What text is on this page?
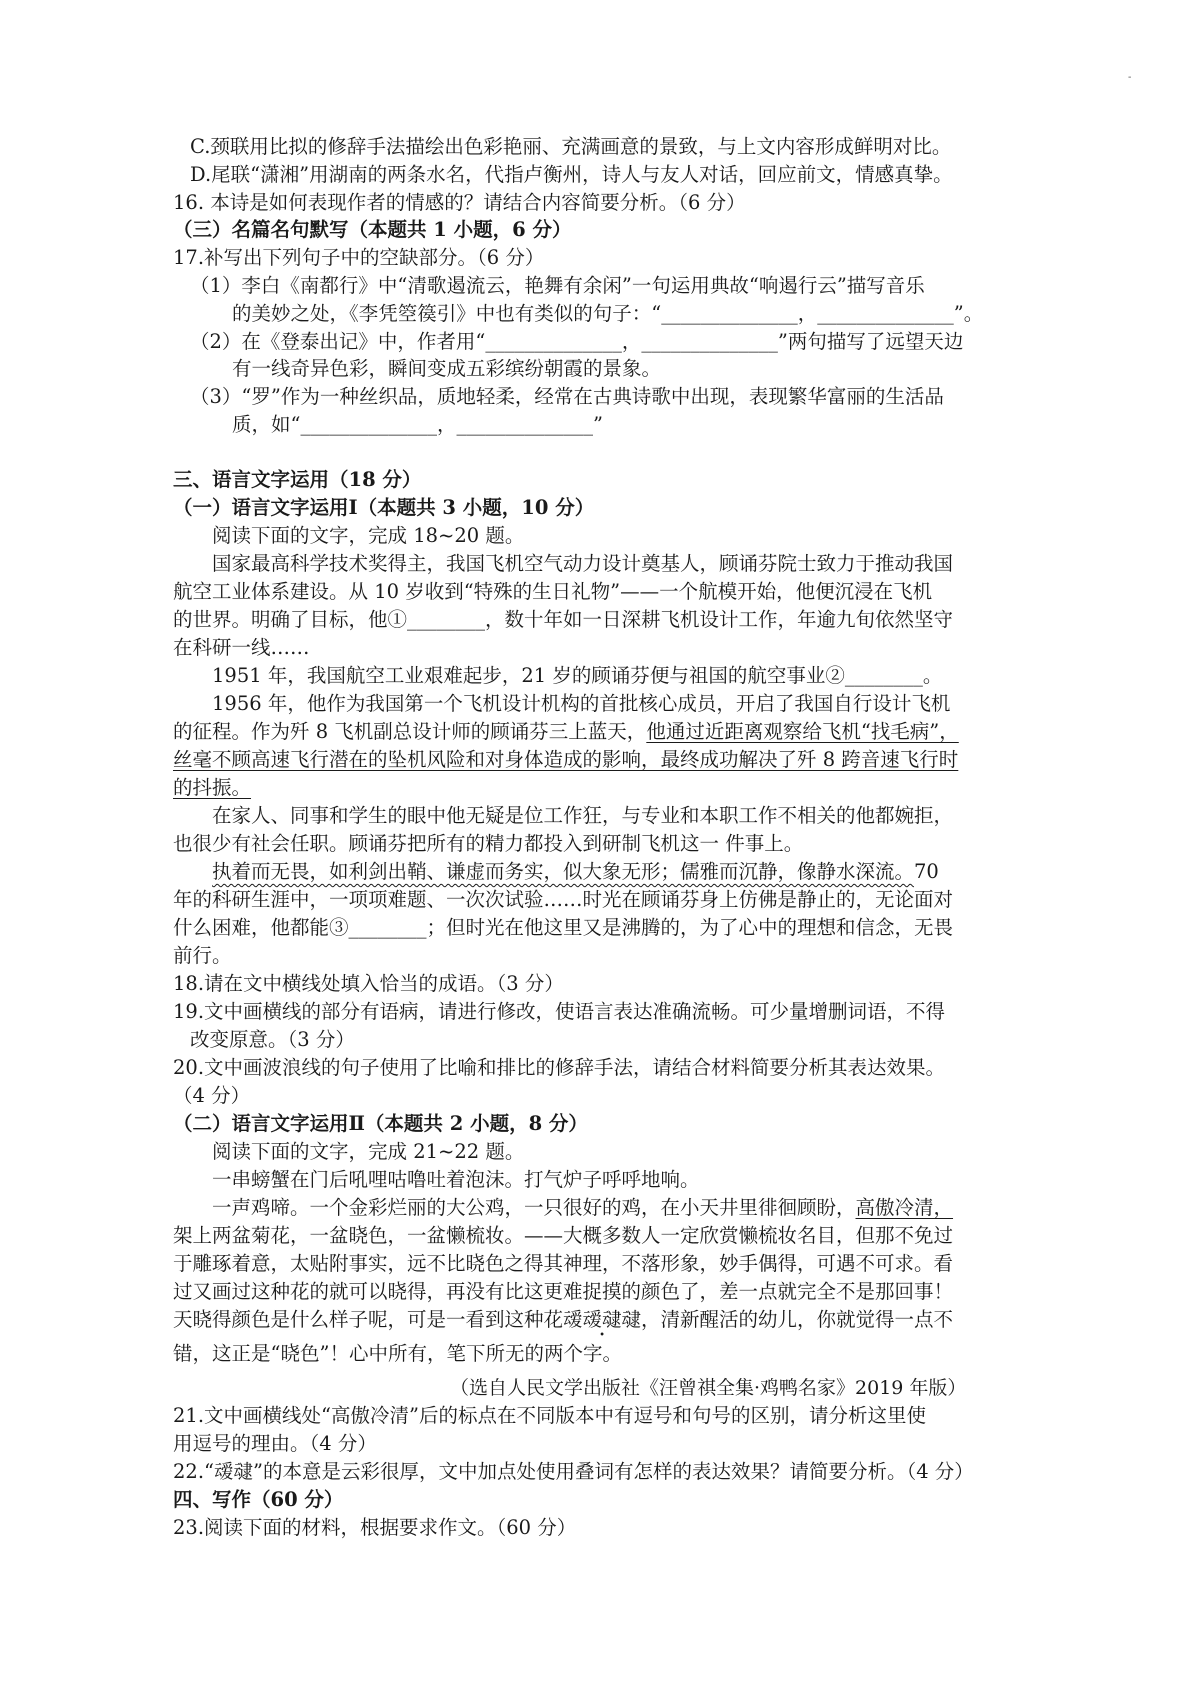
-
C.颈联用比拟的修辞手法描绘出色彩艳丽、充满画意的景致，与上文内容形成鲜明对比。
D.尾联“潇湘”用湖南的两条水名，代指卢衡州，诗人与友人对话，回应前文，情感真挚。
16. 本诗是如何表现作者的情感的？请结合内容简要分析。（6 分）
（三）名篇名句默写（本题共 1 小题，6 分）
17.补写出下列句子中的空缺部分。（6 分）
（1）李白《南都行》中“清歌遏流云，艳舞有余闲”一句运用典故“响遏行云”描写音乐
的美妙之处，《李凭箜篌引》中也有类似的句子：“______________，______________”。
（2）在《登泰出记》中，作者用“______________，______________”两句描写了远望天边
有一线奇异色彩，瞬间变成五彩缤纷朝霞的景象。
（3）“罗”作为一种丝织品，质地轻柔，经常在古典诗歌中出现，表现繁华富丽的生活品
质，如“______________，______________”
三、语言文字运用（18 分）
（一）语言文字运用Ⅰ（本题共 3 小题，10 分）
阅读下面的文字，完成 18~20 题。
国家最高科学技术奖得主，我国飞机空气动力设计奠基人，顾诵芬院士致力于推动我国
航空工业体系建设。从 10 岁收到“特殊的生日礼物”——一个航模开始，他便沉浸在飞机
的世界。明确了目标，他①________，数十年如一日深耕飞机设计工作，年逾九旬依然坚守
在科研一线……
1951 年，我国航空工业艰难起步，21 岁的顾诵芬便与祖国的航空事业②________。
1956 年，他作为我国第一个飞机设计机构的首批核心成员，开启了我国自行设计飞机
的征程。作为歼 8 飞机副总设计师的顾诵芬三上蓝天，他通过近距离观察给飞机“找毛病”，
丝毫不顾高速飞行潜在的坠机风险和对身体造成的影响，最终成功解决了歼 8 跨音速飞行时
的抖振。
在家人、同事和学生的眼中他无疑是位工作狂，与专业和本职工作不相关的他都婉拒，
也很少有社会任职。顾诵芬把所有的精力都投入到研制飞机这一 件事上。
执着而无畏，如利剑出鞘、谦虚而务实，似大象无形；儒雅而沉静，像静水深流。70
年的科研生涯中，一项项难题、一次次试验……时光在顾诵芬身上仿佛是静止的，无论面对
什么困难，他都能③________；但时光在他这里又是沸腾的，为了心中的理想和信念，无畏
前行。
18.请在文中横线处填入恰当的成语。（3 分）
19.文中画横线的部分有语病，请进行修改，使语言表达准确流畅。可少量增删词语，不得
改变原意。（3 分）
20.文中画波浪线的句子使用了比喻和排比的修辞手法，请结合材料简要分析其表达效果。
（4 分）
（二）语言文字运用Ⅱ（本题共 2 小题，8 分）
阅读下面的文字，完成 21~22 题。
一串螃蟹在门后吼哩咕噜吐着泡沫。打气炉子呼呼地响。
一声鸡啼。一个金彩烂丽的大公鸡，一只很好的鸡，在小天井里徘徊顾盼，高傲冷清，
架上两盆菊花，一盆晓色，一盆懒梳妆。——大概多数人一定欣赏懒梳妆名目，但那不免过
于雕琢着意，太贴附事实，远不比晓色之得其神理，不落形象，妙手偶得，可遇不可求。看
过又画过这种花的就可以晓得，再没有比这更难捉摸的颜色了，差一点就完全不是那回事！
天晓得颜色是什么样子呢，可是一看到这种花叆叆叇叇，清新醒活的幼儿，你就觉得一点不
错，这正是“晓色”！心中所有，笔下所无的两个字。
（选自人民文学出版社《汪曾祺全集·鸡鸭名家》2019 年版）
21.文中画横线处“高傲冷清”后的标点在不同版本中有逗号和句号的区别，请分析这里使
用逗号的理由。（4 分）
22.“叆叇”的本意是云彩很厚，文中加点处使用叠词有怎样的表达效果？请简要分析。（4 分）
四、写作（60 分）
23.阅读下面的材料，根据要求作文。（60 分）
